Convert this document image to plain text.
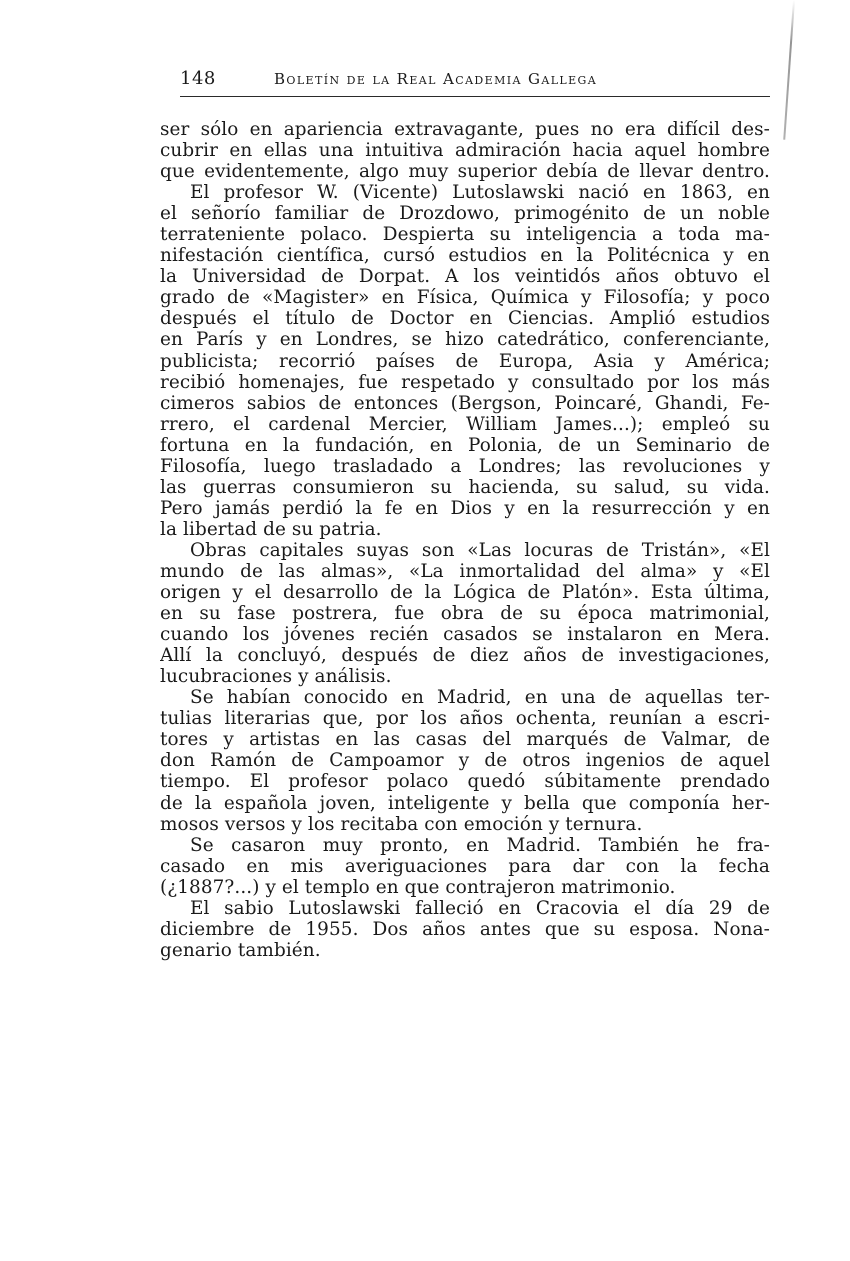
148	Boletín de la Real Academia Gallega
ser sólo en apariencia extravagante, pues no era difícil des-
cubrir en ellas una intuitiva admiración hacia aquel hombre
que evidentemente, algo muy superior debía de llevar dentro.
El profesor W. (Vicente) Lutoslawski nació en 1863, en
el señorío familiar de Drozdowo, primogénito de un noble
terrateniente polaco. Despierta su inteligencia a toda ma-
nifestación científica, cursó estudios en la Politécnica y en
la Universidad de Dorpat. A los veintidós años obtuvo el
grado de «Magister» en Física, Química y Filosofía; y poco
después el título de Doctor en Ciencias. Amplió estudios
en París y en Londres, se hizo catedrático, conferenciante,
publicista; recorrió países de Europa, Asia y América;
recibió homenajes, fue respetado y consultado por los más
cimeros sabios de entonces (Bergson, Poincaré, Ghandi, Fe-
rrero, el cardenal Mercier, William James...); empleó su
fortuna en la fundación, en Polonia, de un Seminario de
Filosofía, luego trasladado a Londres; las revoluciones y
las guerras consumieron su hacienda, su salud, su vida.
Pero jamás perdió la fe en Dios y en la resurrección y en
la libertad de su patria.
Obras capitales suyas son «Las locuras de Tristán», «El
mundo de las almas», «La inmortalidad del alma» y «El
origen y el desarrollo de la Lógica de Platón». Esta última,
en su fase postrera, fue obra de su época matrimonial,
cuando los jóvenes recién casados se instalaron en Mera.
Allí la concluyó, después de diez años de investigaciones,
lucubraciones y análisis.
Se habían conocido en Madrid, en una de aquellas ter-
tulias literarias que, por los años ochenta, reunían a escri-
tores y artistas en las casas del marqués de Valmar, de
don Ramón de Campoamor y de otros ingenios de aquel
tiempo. El profesor polaco quedó súbitamente prendado
de la española joven, inteligente y bella que componía her-
mosos versos y los recitaba con emoción y ternura.
Se casaron muy pronto, en Madrid. También he fra-
casado en mis averiguaciones para dar con la fecha
(¿1887?...) y el templo en que contrajeron matrimonio.
El sabio Lutoslawski falleció en Cracovia el día 29 de
diciembre de 1955. Dos años antes que su esposa. Nona-
genario también.
